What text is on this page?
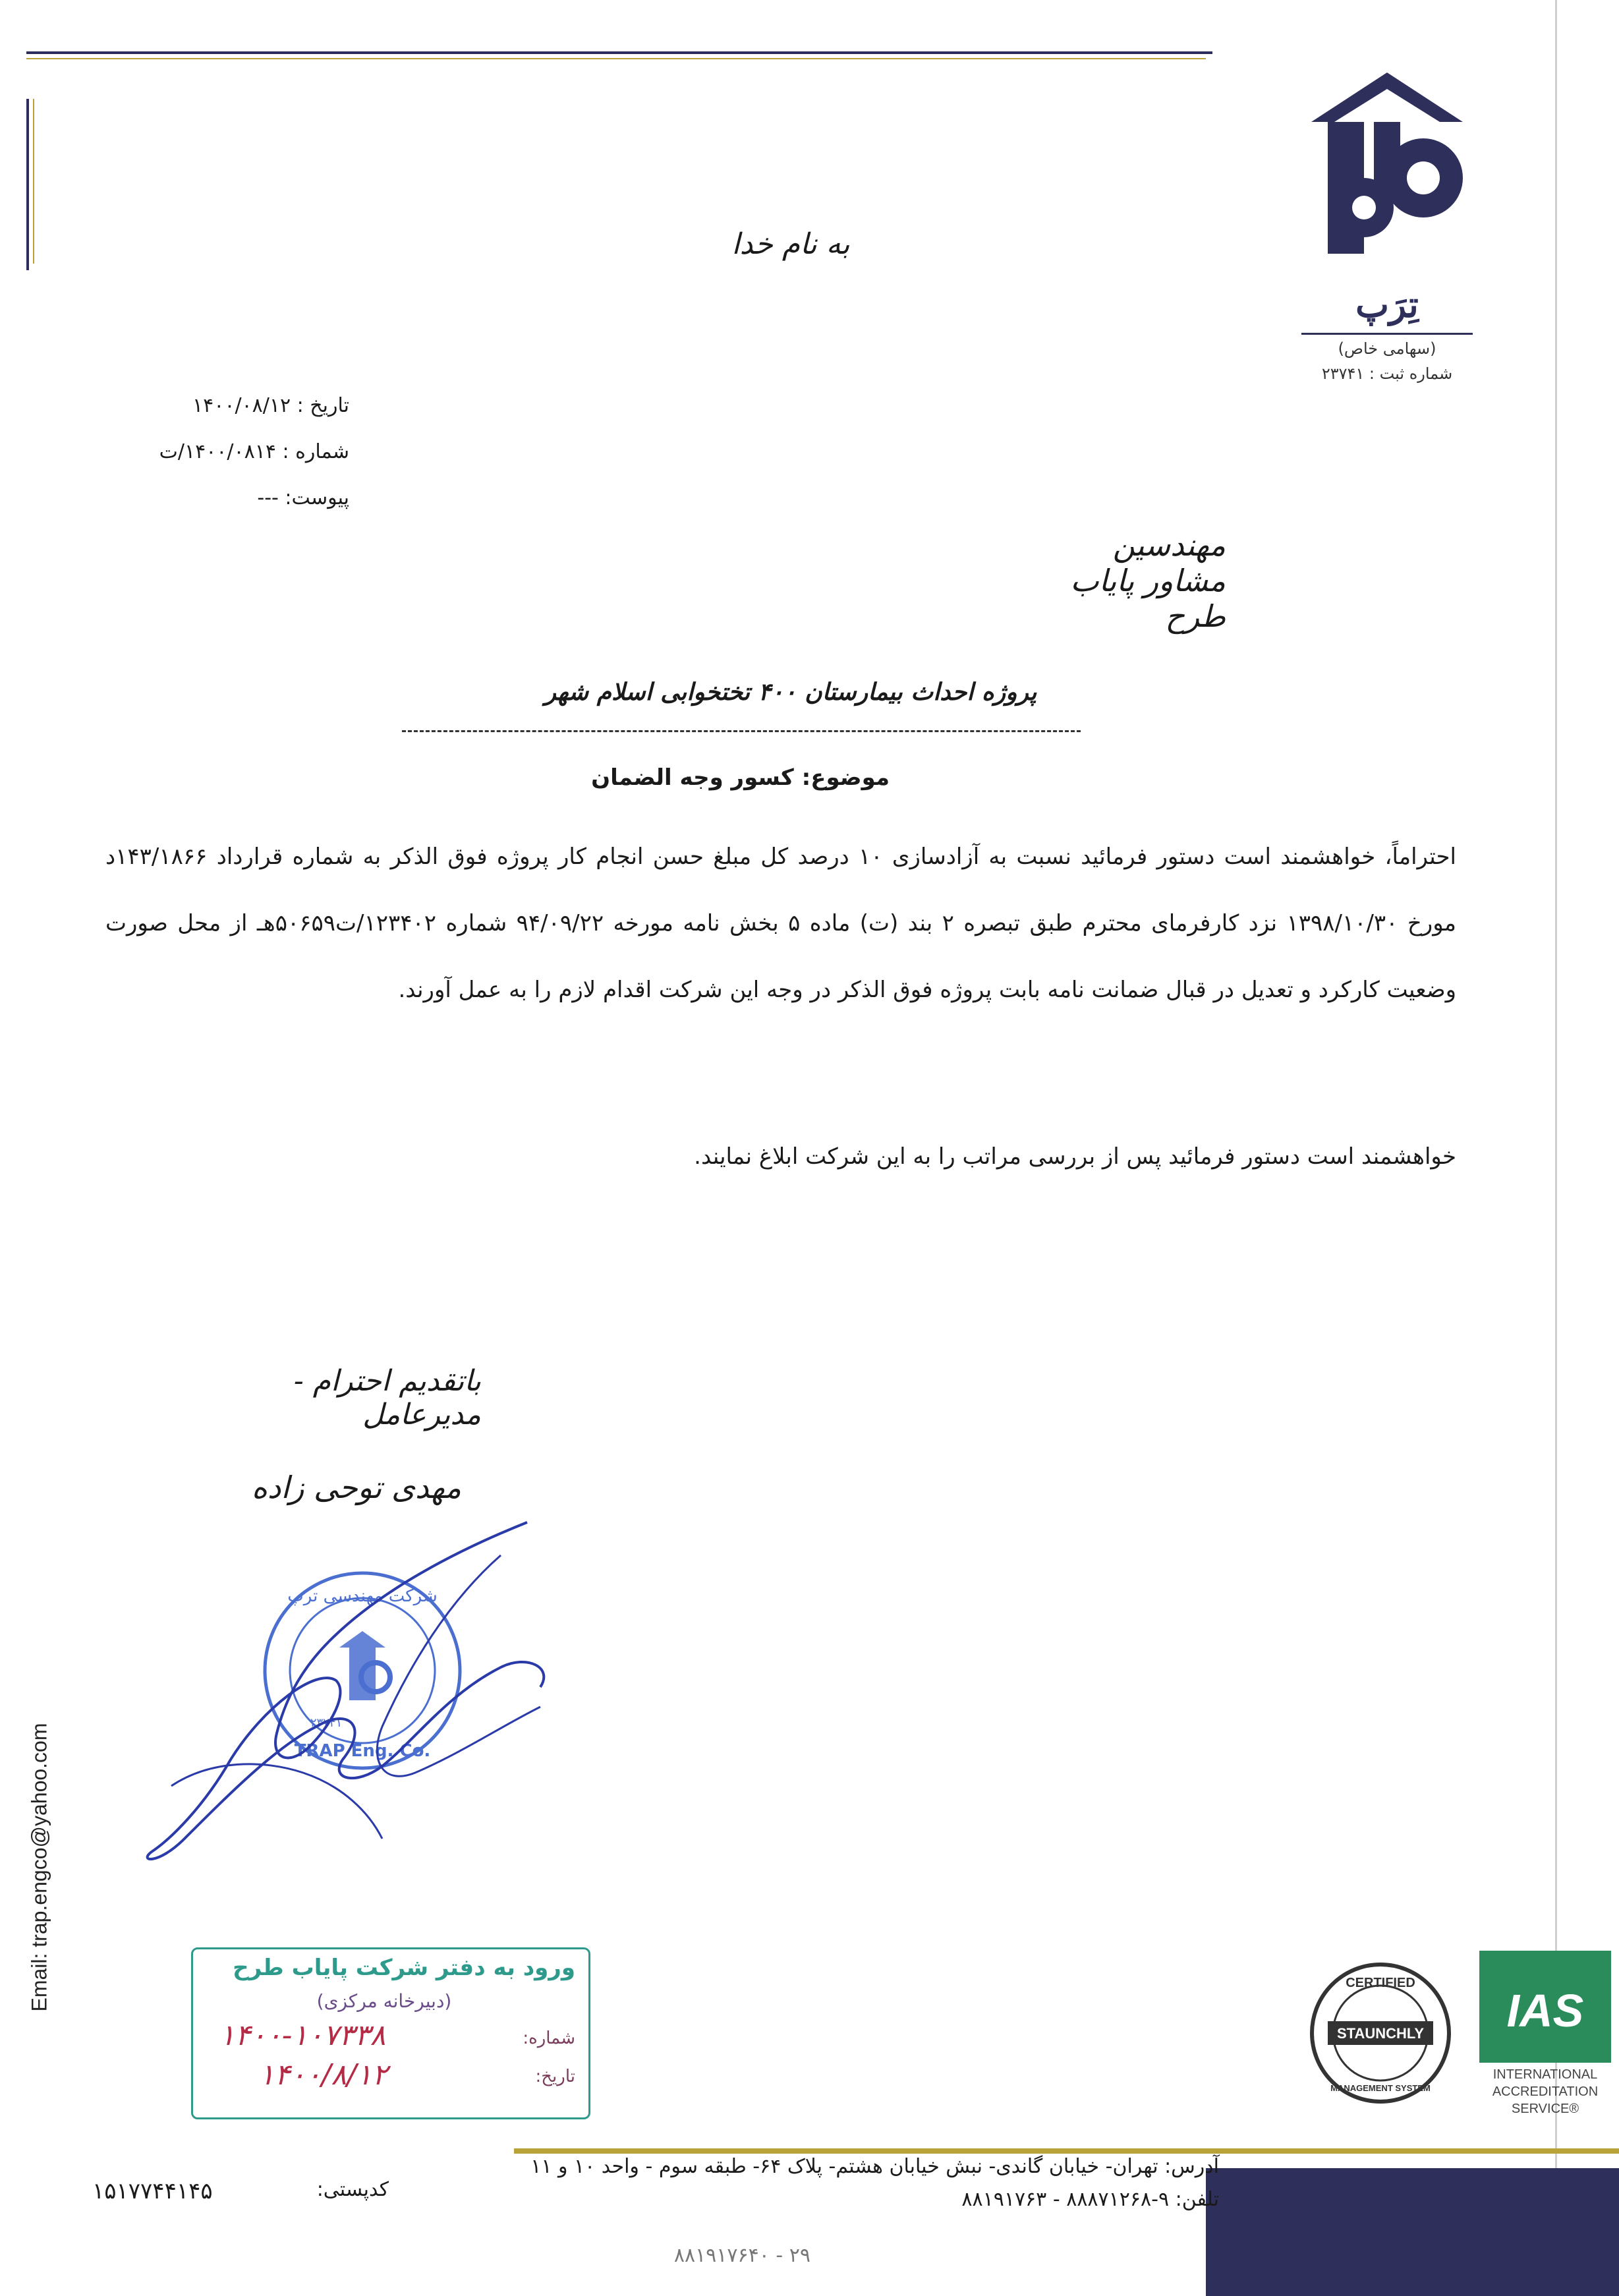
تِرَپ
(سهامی خاص)
شماره ثبت : ۲۳۷۴۱
به نام خدا
تاریخ : ۱۴۰۰/۰۸/۱۲
شماره : ۱۴۰۰/۰۸۱۴/ت
پیوست: ---
مهندسین مشاور پایاب طرح
پروژه احداث بیمارستان ۴۰۰ تختخوابی اسلام شهر
موضوع: کسور وجه الضمان
احتراماً، خواهشمند است دستور فرمائید نسبت به آزادسازی ۱۰ درصد کل مبلغ حسن انجام کار پروژه فوق الذکر به شماره قرارداد ۱۴۳/۱۸۶۶د مورخ ۱۳۹۸/۱۰/۳۰ نزد کارفرمای محترم طبق تبصره ۲ بند (ت) ماده ۵ بخش نامه مورخه ۹۴/۰۹/۲۲ شماره ۱۲۳۴۰۲/ت۵۰۶۵۹هـ از محل صورت وضعیت کارکرد و تعدیل در قبال ضمانت نامه بابت پروژه فوق الذکر در وجه این شرکت اقدام لازم را به عمل آورند.
خواهشمند است دستور فرمائید پس از بررسی مراتب را به این شرکت ابلاغ نمایند.
باتقدیم احترام - مدیرعامل
مهدی توحی زاده
شرکت مهندسی ترپ
TRAP Eng. Co.
۲۳۷۴۱
ورود به دفتر شرکت پایاب طرح
(دبیرخانه مرکزی)
شماره:
تاریخ:
۱۴۰۰-۱۰۷۳۳۸
۱۴۰۰/۸/۱۲
Email: trap.engco@yahoo.com
STAUNCHLY
CERTIFIED
MANAGEMENT SYSTEM
IAS
INTERNATIONAL
ACCREDITATION
SERVICE®
آدرس: تهران- خیابان گاندی- نبش خیابان هشتم- پلاک ۶۴- طبقه سوم - واحد ۱۰ و ۱۱
تلفن: ۹-۸۸۸۷۱۲۶۸ - ۸۸۱۹۱۷۶۳
۸۸۱۹۱۷۶۴۰ - ۲۹
کدپستی:
۱۵۱۷۷۴۴۱۴۵
